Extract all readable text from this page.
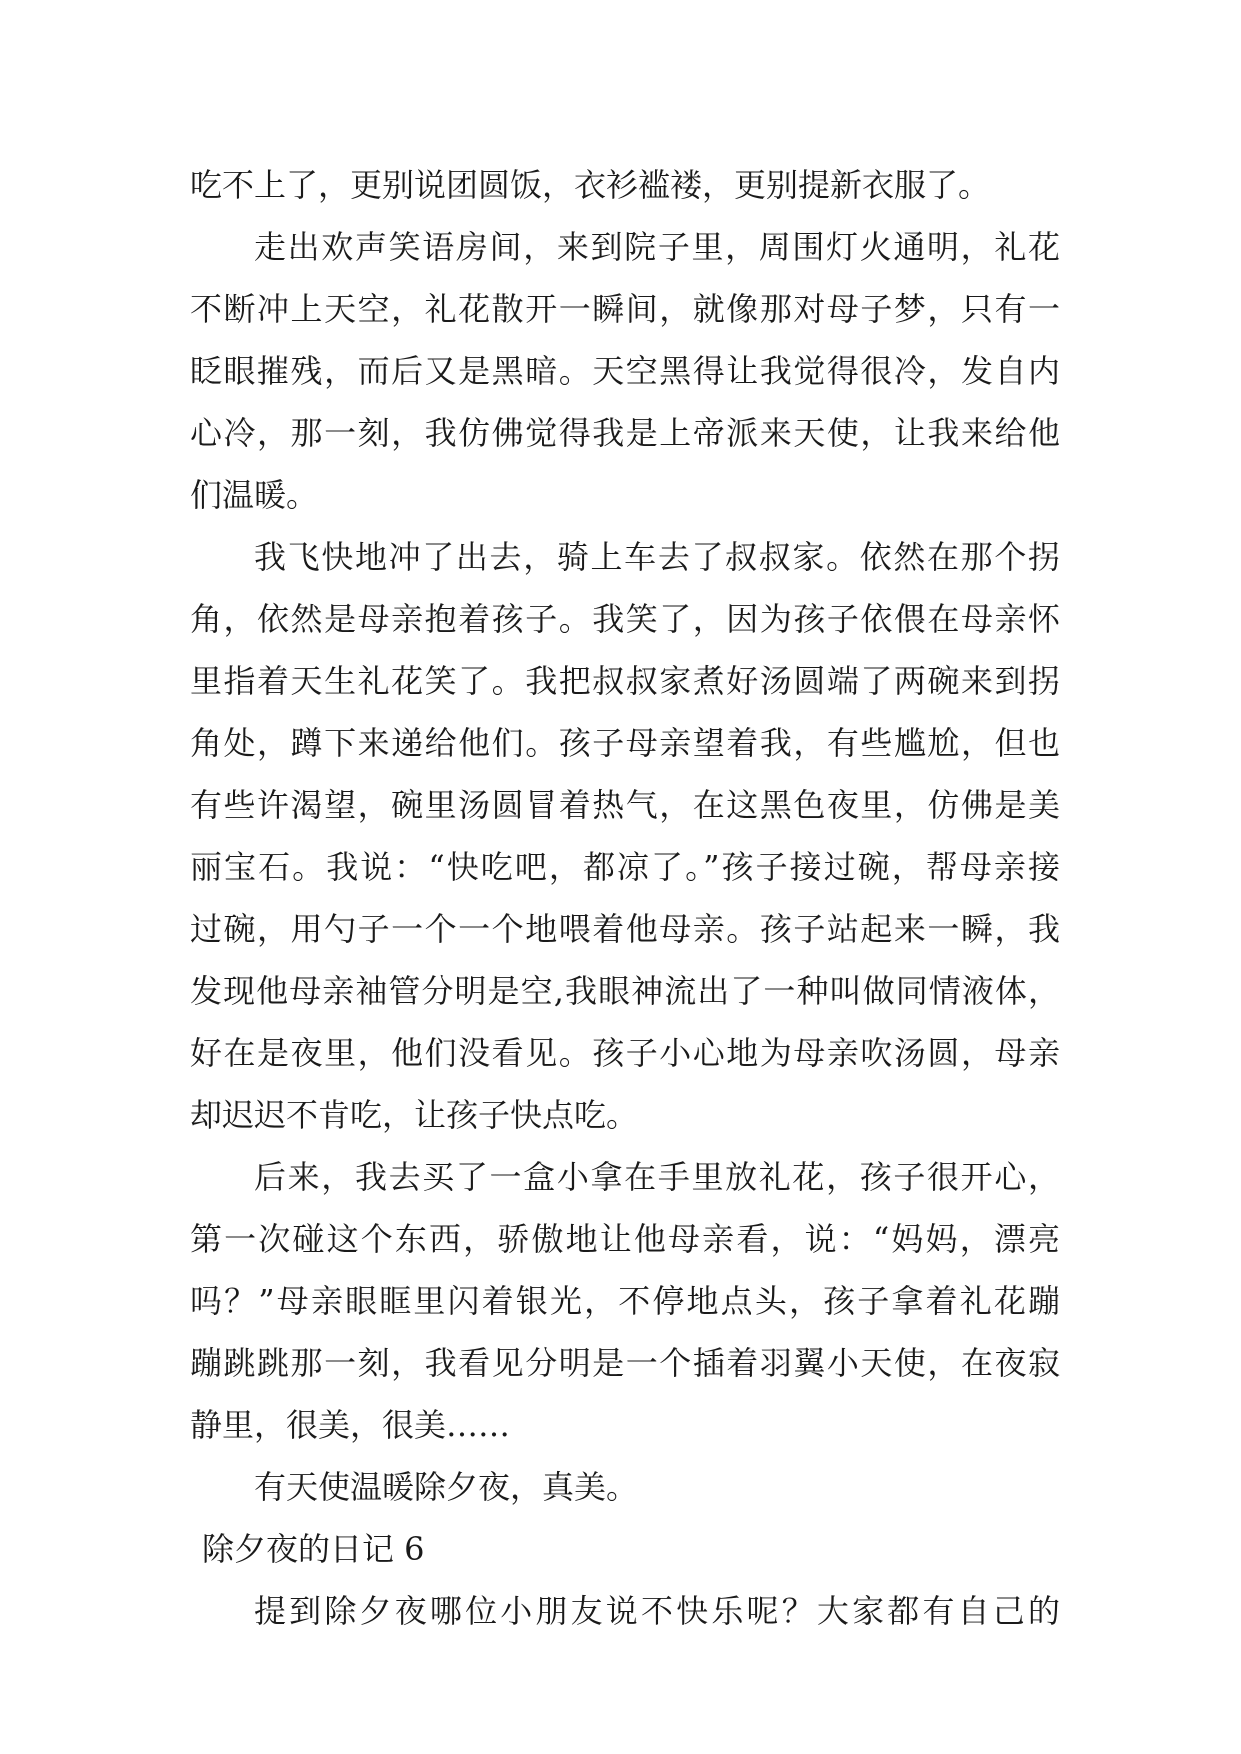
吃不上了，更别说团圆饭，衣衫褴褛，更别提新衣服了。
走出欢声笑语房间，来到院子里，周围灯火通明，礼花
不断冲上天空，礼花散开一瞬间，就像那对母子梦，只有一
眨眼摧残，而后又是黑暗。天空黑得让我觉得很冷，发自内
心冷，那一刻，我仿佛觉得我是上帝派来天使，让我来给他
们温暖。
我飞快地冲了出去，骑上车去了叔叔家。依然在那个拐
角，依然是母亲抱着孩子。我笑了，因为孩子依偎在母亲怀
里指着天生礼花笑了。我把叔叔家煮好汤圆端了两碗来到拐
角处，蹲下来递给他们。孩子母亲望着我，有些尴尬，但也
有些许渴望，碗里汤圆冒着热气，在这黑色夜里，仿佛是美
丽宝石。我说：“快吃吧，都凉了。”孩子接过碗，帮母亲接
过碗，用勺子一个一个地喂着他母亲。孩子站起来一瞬，我
发现他母亲袖管分明是空,我眼神流出了一种叫做同情液体，
好在是夜里，他们没看见。孩子小心地为母亲吹汤圆，母亲
却迟迟不肯吃，让孩子快点吃。
后来，我去买了一盒小拿在手里放礼花，孩子很开心，
第一次碰这个东西，骄傲地让他母亲看，说：“妈妈，漂亮
吗？”母亲眼眶里闪着银光，不停地点头，孩子拿着礼花蹦
蹦跳跳那一刻，我看见分明是一个插着羽翼小天使，在夜寂
静里，很美，很美……
有天使温暖除夕夜，真美。
除夕夜的日记 6
提到除夕夜哪位小朋友说不快乐呢？大家都有自己的
